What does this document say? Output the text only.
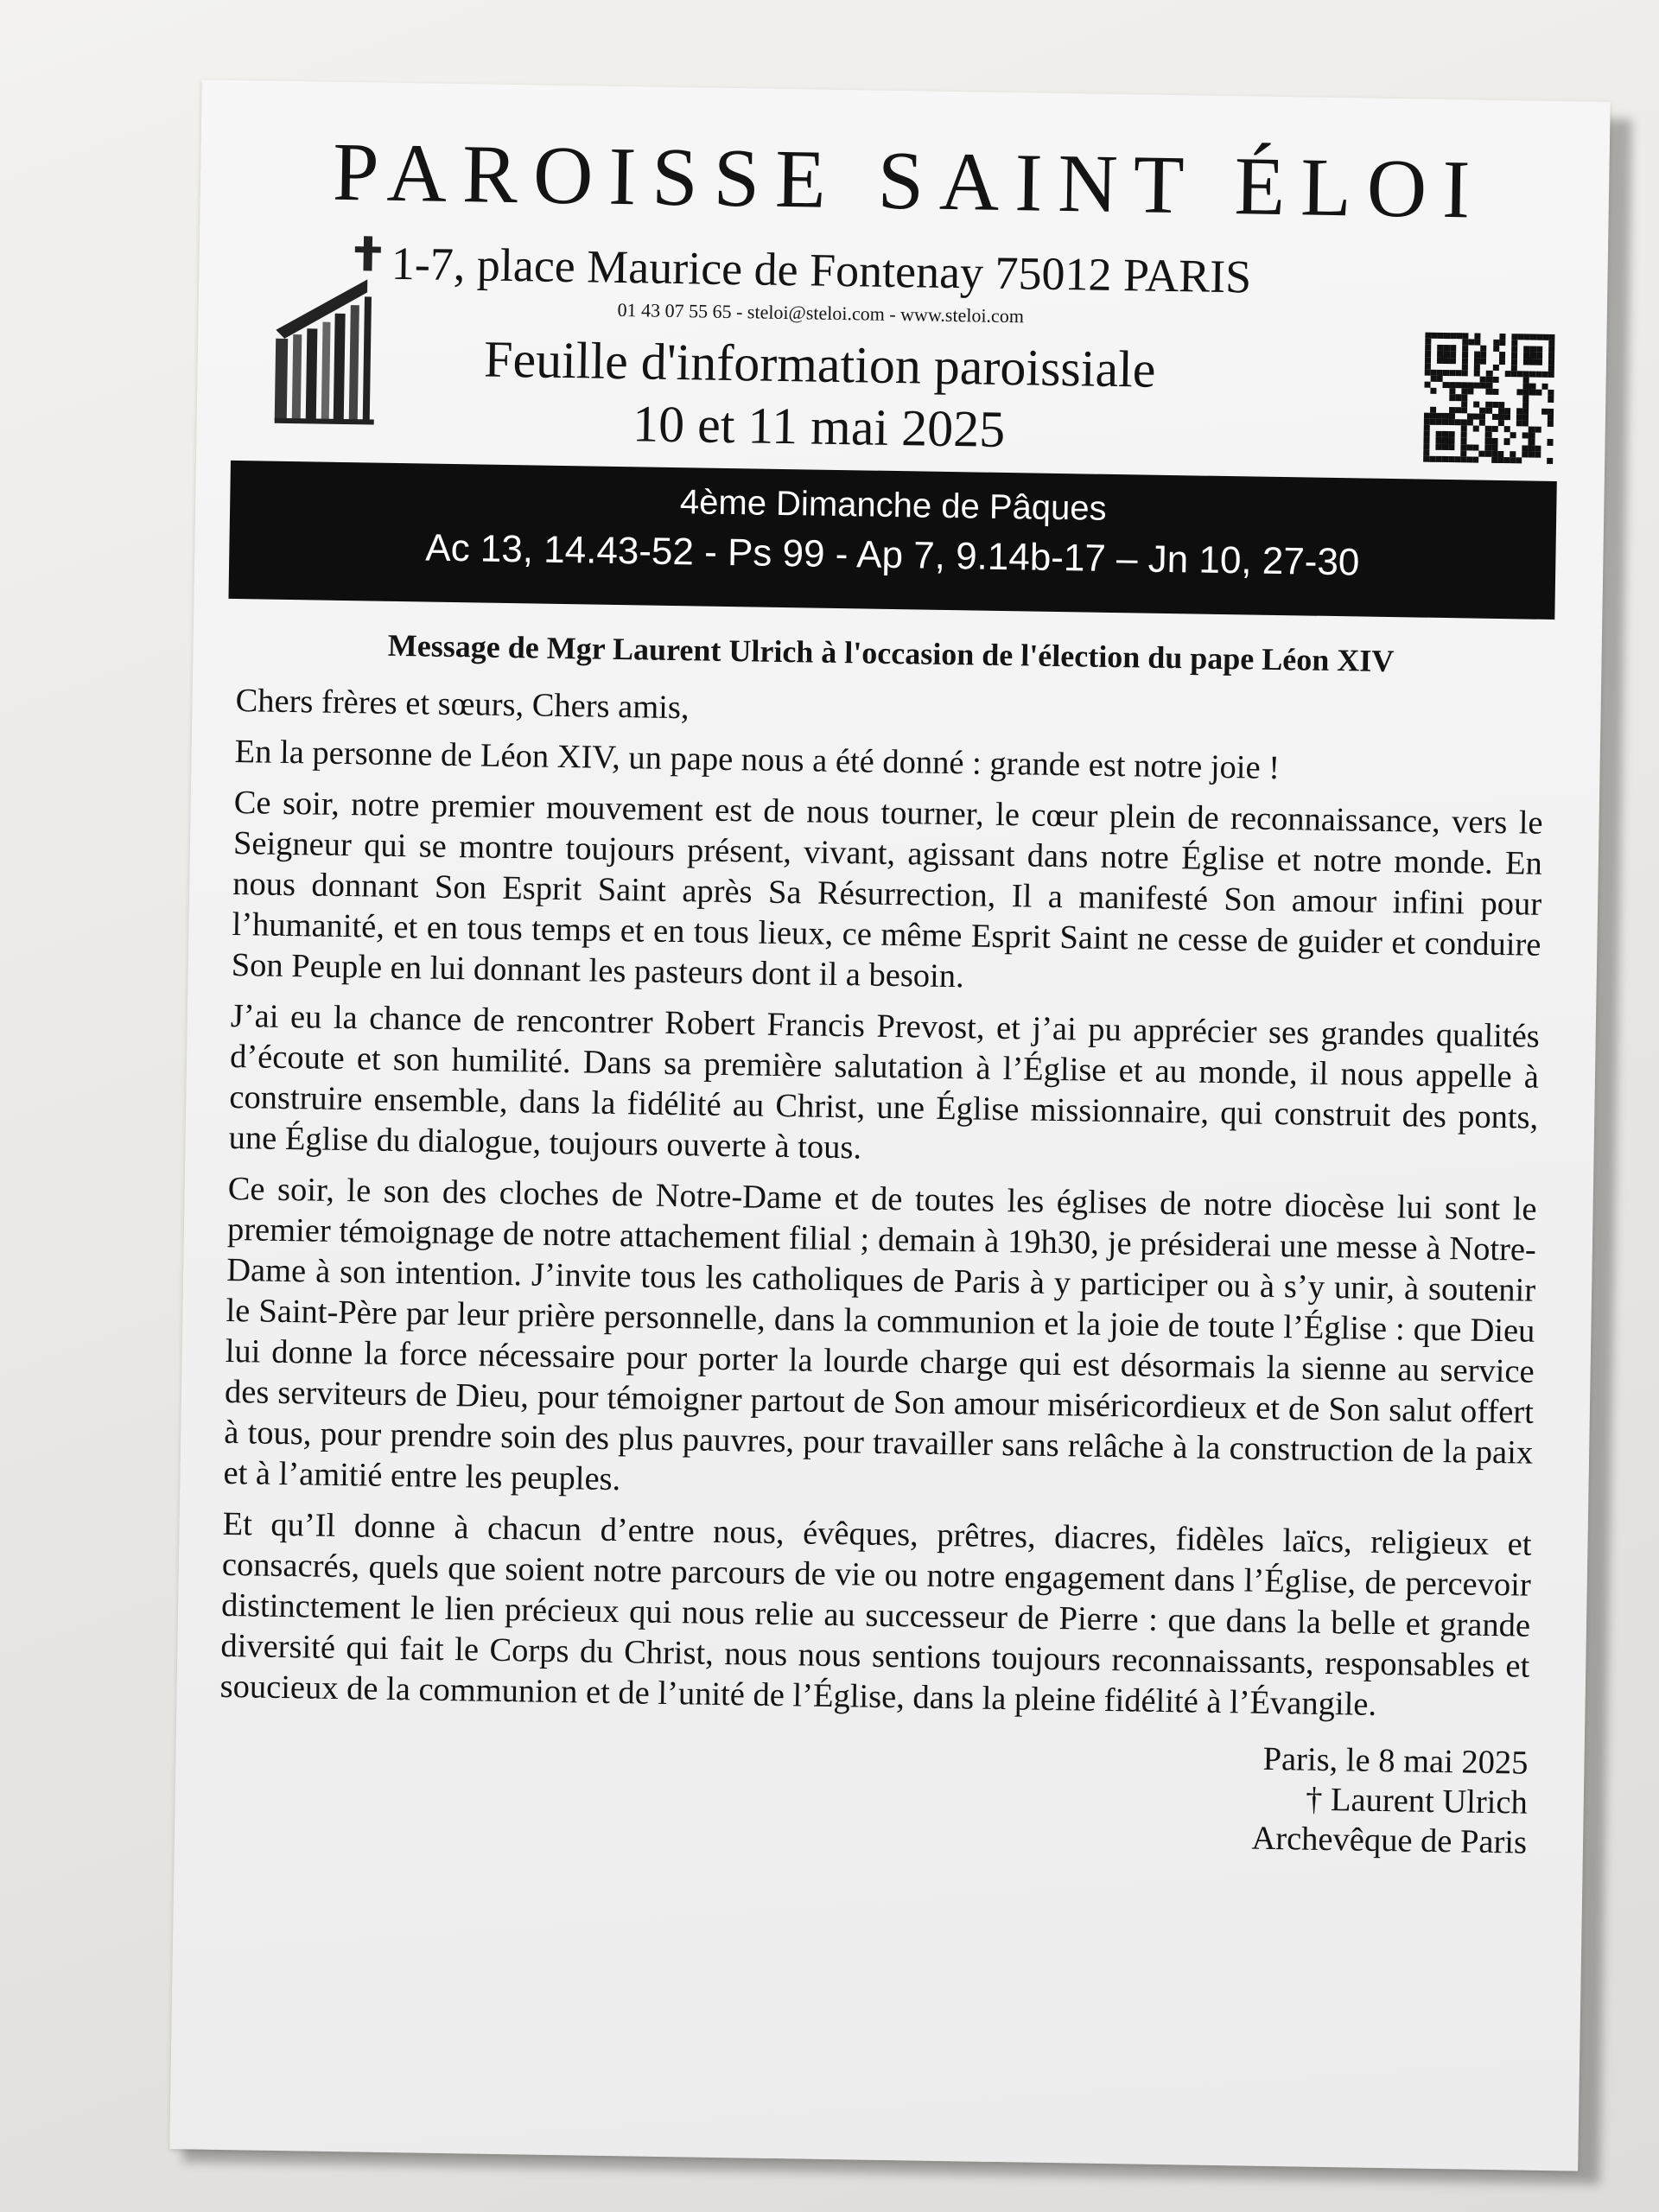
PAROISSE SAINT ÉLOI
1-7, place Maurice de Fontenay 75012 PARIS
01 43 07 55 65 - steloi@steloi.com - www.steloi.com
Feuille d'information paroissiale
10 et 11 mai 2025
4ème Dimanche de Pâques
Ac 13, 14.43-52 - Ps 99 - Ap 7, 9.14b-17 – Jn 10, 27-30
Message de Mgr Laurent Ulrich à l'occasion de l'élection du pape Léon XIV

Chers frères et sœurs, Chers amis,

En la personne de Léon XIV, un pape nous a été donné : grande est notre joie !

Ce soir, notre premier mouvement est de nous tourner, le cœur plein de reconnaissance, vers le Seigneur qui se montre toujours présent, vivant, agissant dans notre Église et notre monde. En nous donnant Son Esprit Saint après Sa Résurrection, Il a manifesté Son amour infini pour l’humanité, et en tous temps et en tous lieux, ce même Esprit Saint ne cesse de guider et conduire Son Peuple en lui donnant les pasteurs dont il a besoin.

J’ai eu la chance de rencontrer Robert Francis Prevost, et j’ai pu apprécier ses grandes qualités d’écoute et son humilité. Dans sa première salutation à l’Église et au monde, il nous appelle à construire ensemble, dans la fidélité au Christ, une Église missionnaire, qui construit des ponts, une Église du dialogue, toujours ouverte à tous.

Ce soir, le son des cloches de Notre-Dame et de toutes les églises de notre diocèse lui sont le premier témoignage de notre attachement filial ; demain à 19h30, je présiderai une messe à Notre-Dame à son intention. J’invite tous les catholiques de Paris à y participer ou à s’y unir, à soutenir le Saint-Père par leur prière personnelle, dans la communion et la joie de toute l’Église : que Dieu lui donne la force nécessaire pour porter la lourde charge qui est désormais la sienne au service des serviteurs de Dieu, pour témoigner partout de Son amour miséricordieux et de Son salut offert à tous, pour prendre soin des plus pauvres, pour travailler sans relâche à la construction de la paix et à l’amitié entre les peuples.

Et qu’Il donne à chacun d’entre nous, évêques, prêtres, diacres, fidèles laïcs, religieux et consacrés, quels que soient notre parcours de vie ou notre engagement dans l’Église, de percevoir distinctement le lien précieux qui nous relie au successeur de Pierre : que dans la belle et grande diversité qui fait le Corps du Christ, nous nous sentions toujours reconnaissants, responsables et soucieux de la communion et de l’unité de l’Église, dans la pleine fidélité à l’Évangile.

Paris, le 8 mai 2025
† Laurent Ulrich
Archevêque de Paris
